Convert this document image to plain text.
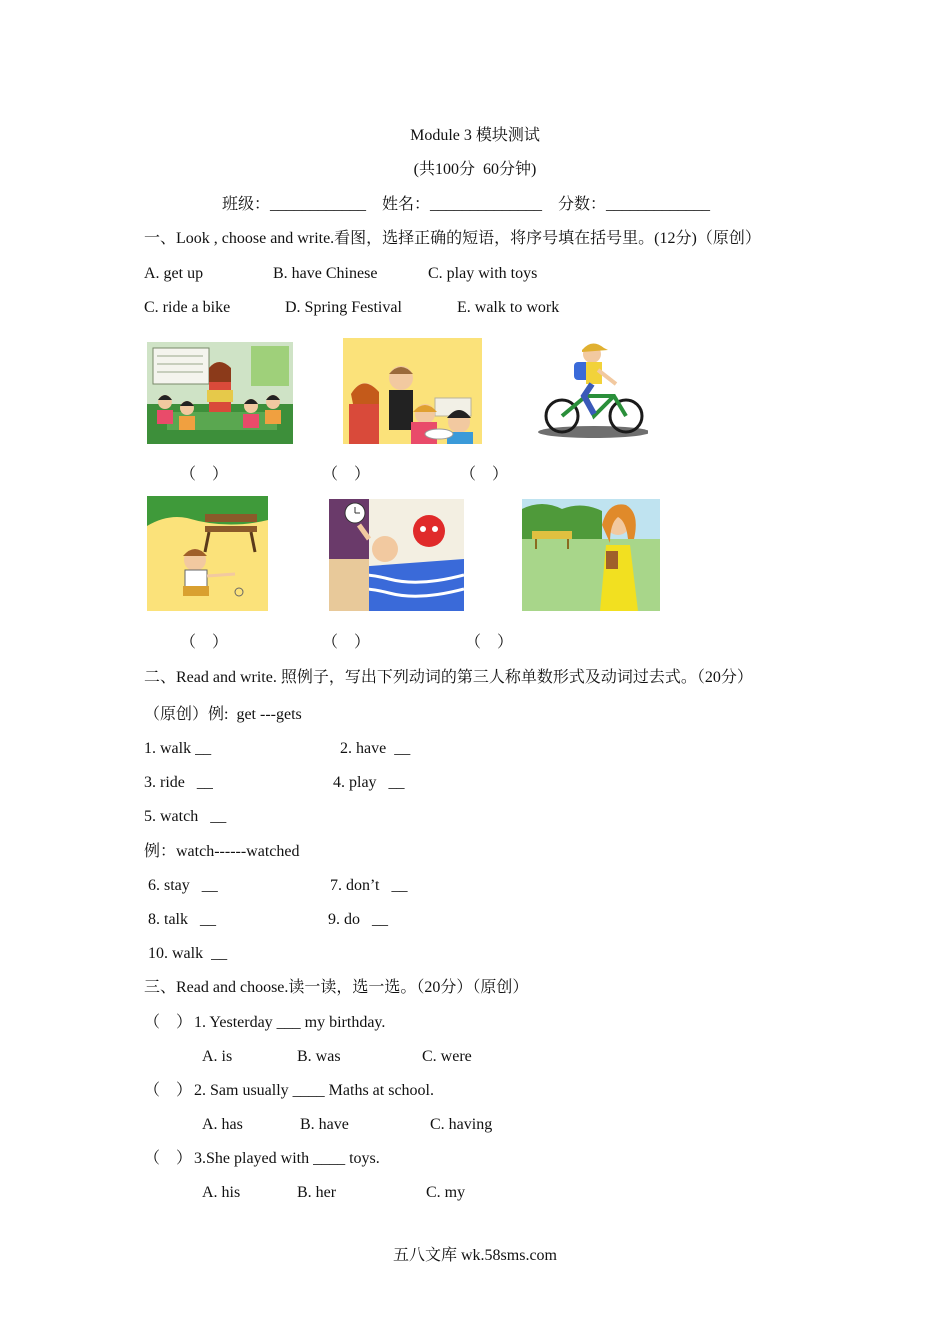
Module 3 模块测试
(共100分  60分钟)
班级：____________    姓名：______________    分数：_____________
一、Look , choose and write.看图，选择正确的短语，将序号填在括号里。(12分)（原创）
A. get up	B. have Chinese	C. play with toys
C. ride a bike	D. Spring Festival	E. walk to work
（　）	（　）	（　）
（　）	（　）	（　）
二、Read and write. 照例子，写出下列动词的第三人称单数形式及动词过去式。（20分）
（原创）例:  get ---gets
1. walk __	2. have  __
3. ride   __	4. play   __
5. watch   __
例：watch------watched
6. stay   __	7. don’t   __
8. talk   __	9. do   __
10. walk  __
三、Read and choose.读一读，选一选。（20分）（原创）
（　） 1. Yesterday ___ my birthday.
A. is	B. was	C. were
（　） 2. Sam usually ____ Maths at school.
A. has	B. have	C. having
（　） 3.She played with ____ toys.
A. his	B. her	C. my
五八文库 wk.58sms.com
